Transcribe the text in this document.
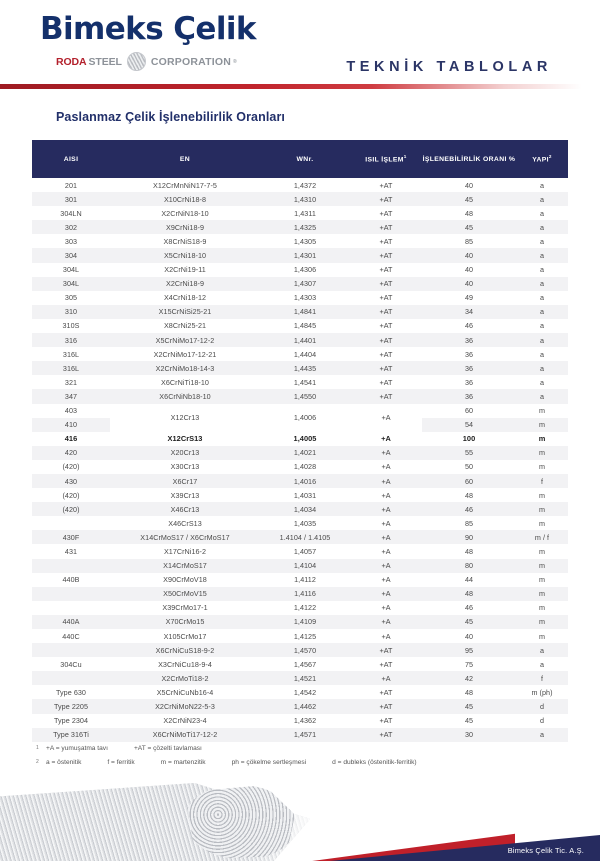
Bimeks Çelik
RODA STEEL	CORPORATION ®	TEKNİK TABLOLAR
Paslanmaz Çelik İşlenebilirlik Oranları
AISI	EN	WNr.	ISIL İŞLEM$^1$	İŞLENEBİLİRLİK ORANI %	YAPI$^2$
201	X12CrMnNiN17-7-5	1,4372	+AT	40	a
301	X10CrNi18-8	1,4310	+AT	45	a
304LN	X2CrNiN18-10	1,4311	+AT	48	a
302	X9CrNi18-9	1,4325	+AT	45	a
303	X8CrNiS18-9	1,4305	+AT	85	a
304	X5CrNi18-10	1,4301	+AT	40	a
304L	X2CrNi19-11	1,4306	+AT	40	a
304L	X2CrNi18-9	1,4307	+AT	40	a
305	X4CrNi18-12	1,4303	+AT	49	a
310	X15CrNiSi25-21	1,4841	+AT	34	a
310S	X8CrNi25-21	1,4845	+AT	46	a
316	X5CrNiMo17-12-2	1,4401	+AT	36	a
316L	X2CrNiMo17-12-21	1,4404	+AT	36	a
316L	X2CrNiMo18-14-3	1,4435	+AT	36	a
321	X6CrNiTi18-10	1,4541	+AT	36	a
347	X6CrNiNb18-10	1,4550	+AT	36	a
403	X12Cr13	1,4006	+A	60	m
410				54	m
416	X12CrS13	1,4005	+A	100	m
420	X20Cr13	1,4021	+A	55	m
(420)	X30Cr13	1,4028	+A	50	m
430	X6Cr17	1,4016	+A	60	f
(420)	X39Cr13	1,4031	+A	48	m
(420)	X46Cr13	1,4034	+A	46	m
	X46CrS13	1,4035	+A	85	m
430F	X14CrMoS17 / X6CrMoS17	1.4104 / 1.4105	+A	90	m / f
431	X17CrNi16-2	1,4057	+A	48	m
	X14CrMoS17	1,4104	+A	80	m
440B	X90CrMoV18	1,4112	+A	44	m
	X50CrMoV15	1,4116	+A	48	m
	X39CrMo17-1	1,4122	+A	46	m
440A	X70CrMo15	1,4109	+A	45	m
440C	X105CrMo17	1,4125	+A	40	m
	X6CrNiCuS18-9-2	1,4570	+AT	95	a
304Cu	X3CrNiCu18-9-4	1,4567	+AT	75	a
	X2CrMoTi18-2	1,4521	+A	42	f
Type 630	X5CrNiCuNb16-4	1,4542	+AT	48	m (ph)
Type 2205	X2CrNiMoN22-5-3	1,4462	+AT	45	d
Type 2304	X2CrNiN23-4	1,4362	+AT	45	d
Type 316Ti	X6CrNiMoTi17-12-2	1,4571	+AT	30	a
1	+A = yumuşatma tavı	+AT = çözelti tavlaması
2	a = östenitik	f = ferritik	m = martenzitik	ph = çökelme sertleşmesi	d = dubleks (östenitik-ferritik)
Bimeks Çelik Tic. A.Ş.
